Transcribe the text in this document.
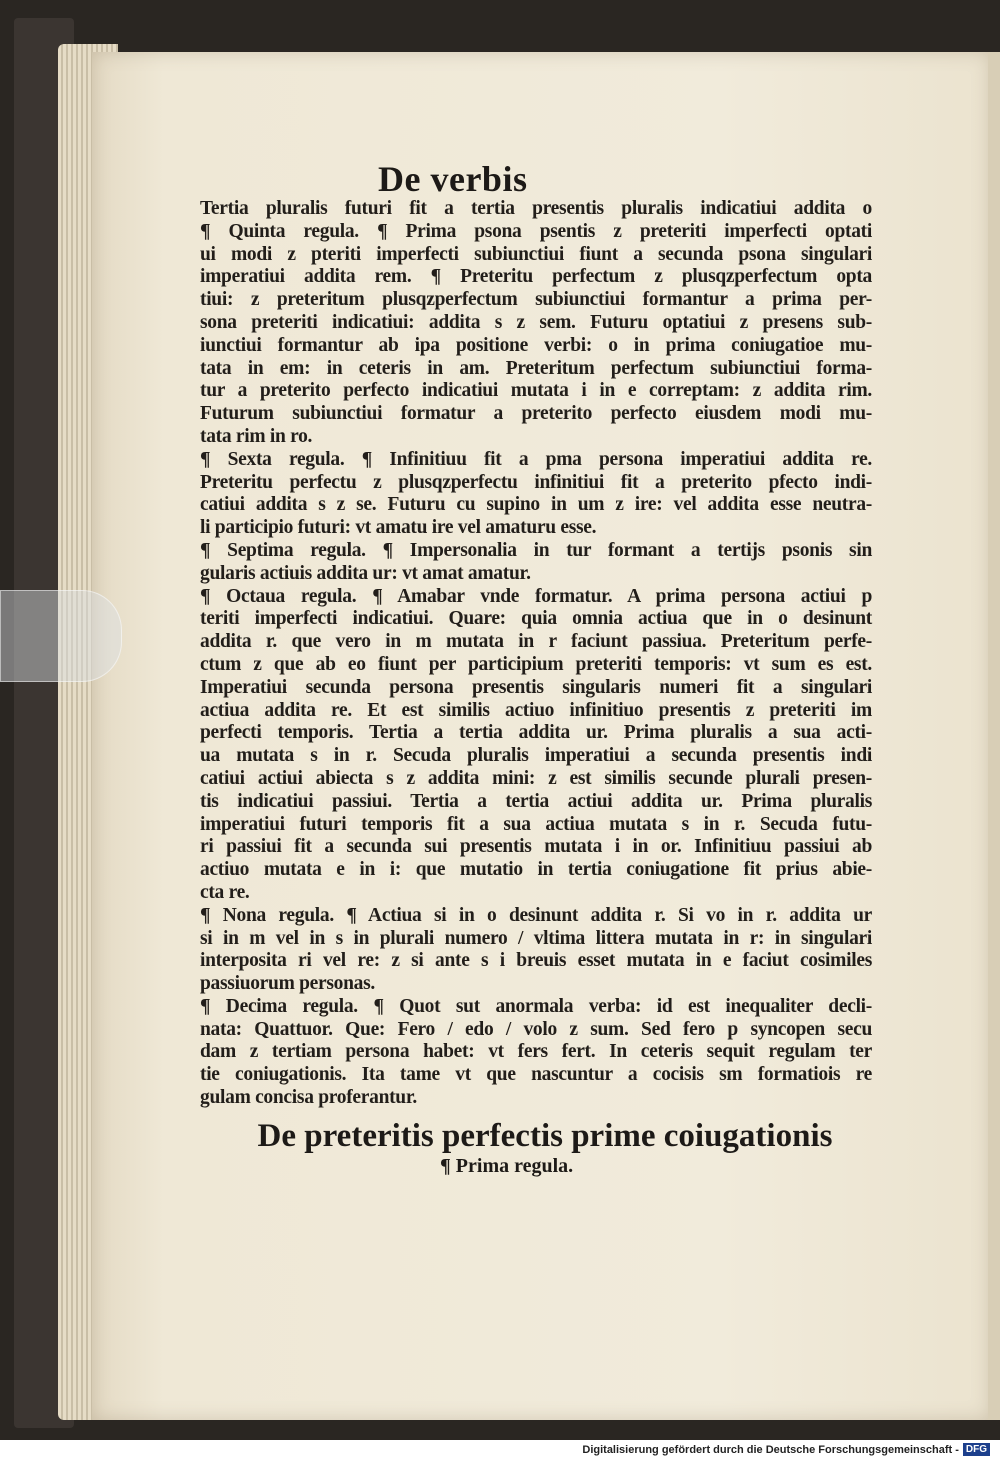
De verbis
Tertia pluralis futuri fit a tertia presentis pluralis indicatiui addita o
¶ Quinta regula. ¶ Prima psona psentis z preteriti imperfecti optati
ui modi z pteriti imperfecti subiunctiui fiunt a secunda psona singulari
imperatiui addita rem. ¶ Preteritu perfectum z plusqzperfectum opta
tiui: z preteritum plusqzperfectum subiunctiui formantur a prima per-
sona preteriti indicatiui: addita s z sem. Futuru optatiui z presens sub-
iunctiui formantur ab ipa positione verbi: o in prima coniugatioe mu-
tata in em: in ceteris in am. Preteritum perfectum subiunctiui forma-
tur a preterito perfecto indicatiui mutata i in e correptam: z addita rim.
Futurum subiunctiui formatur a preterito perfecto eiusdem modi mu-
tata rim in ro.
¶ Sexta regula. ¶ Infinitiuu fit a pma persona imperatiui addita re.
Preteritu perfectu z plusqzperfectu infinitiui fit a preterito pfecto indi-
catiui addita s z se. Futuru cu supino in um z ire: vel addita esse neutra-
li participio futuri: vt amatu ire vel amaturu esse.
¶ Septima regula. ¶ Impersonalia in tur formant a tertijs psonis sin
gularis actiuis addita ur: vt amat amatur.
¶ Octaua regula. ¶ Amabar vnde formatur. A prima persona actiui p
teriti imperfecti indicatiui. Quare: quia omnia actiua que in o desinunt
addita r. que vero in m mutata in r faciunt passiua. Preteritum perfe-
ctum z que ab eo fiunt per participium preteriti temporis: vt sum es est.
Imperatiui secunda persona presentis singularis numeri fit a singulari
actiua addita re. Et est similis actiuo infinitiuo presentis z preteriti im
perfecti temporis. Tertia a tertia addita ur. Prima pluralis a sua acti-
ua mutata s in r. Secuda pluralis imperatiui a secunda presentis indi
catiui actiui abiecta s z addita mini: z est similis secunde plurali presen-
tis indicatiui passiui. Tertia a tertia actiui addita ur. Prima pluralis
imperatiui futuri temporis fit a sua actiua mutata s in r. Secuda futu-
ri passiui fit a secunda sui presentis mutata i in or. Infinitiuu passiui ab
actiuo mutata e in i: que mutatio in tertia coniugatione fit prius abie-
cta re.
¶ Nona regula. ¶ Actiua si in o desinunt addita r. Si vo in r. addita ur
si in m vel in s in plurali numero / vltima littera mutata in r: in singulari
interposita ri vel re: z si ante s i breuis esset mutata in e faciut cosimiles
passiuorum personas.
¶ Decima regula. ¶ Quot sut anormala verba: id est inequaliter decli-
nata: Quattuor. Que: Fero / edo / volo z sum. Sed fero p syncopen secu
dam z tertiam persona habet: vt fers fert. In ceteris sequit regulam ter
tie coniugationis. Ita tame vt que nascuntur a cocisis sm formatiois re
gulam concisa proferantur.
De preteritis perfectis prime coiugationis
¶ Prima regula.
Digitalisierung gefördert durch die Deutsche Forschungsgemeinschaft - DFG
